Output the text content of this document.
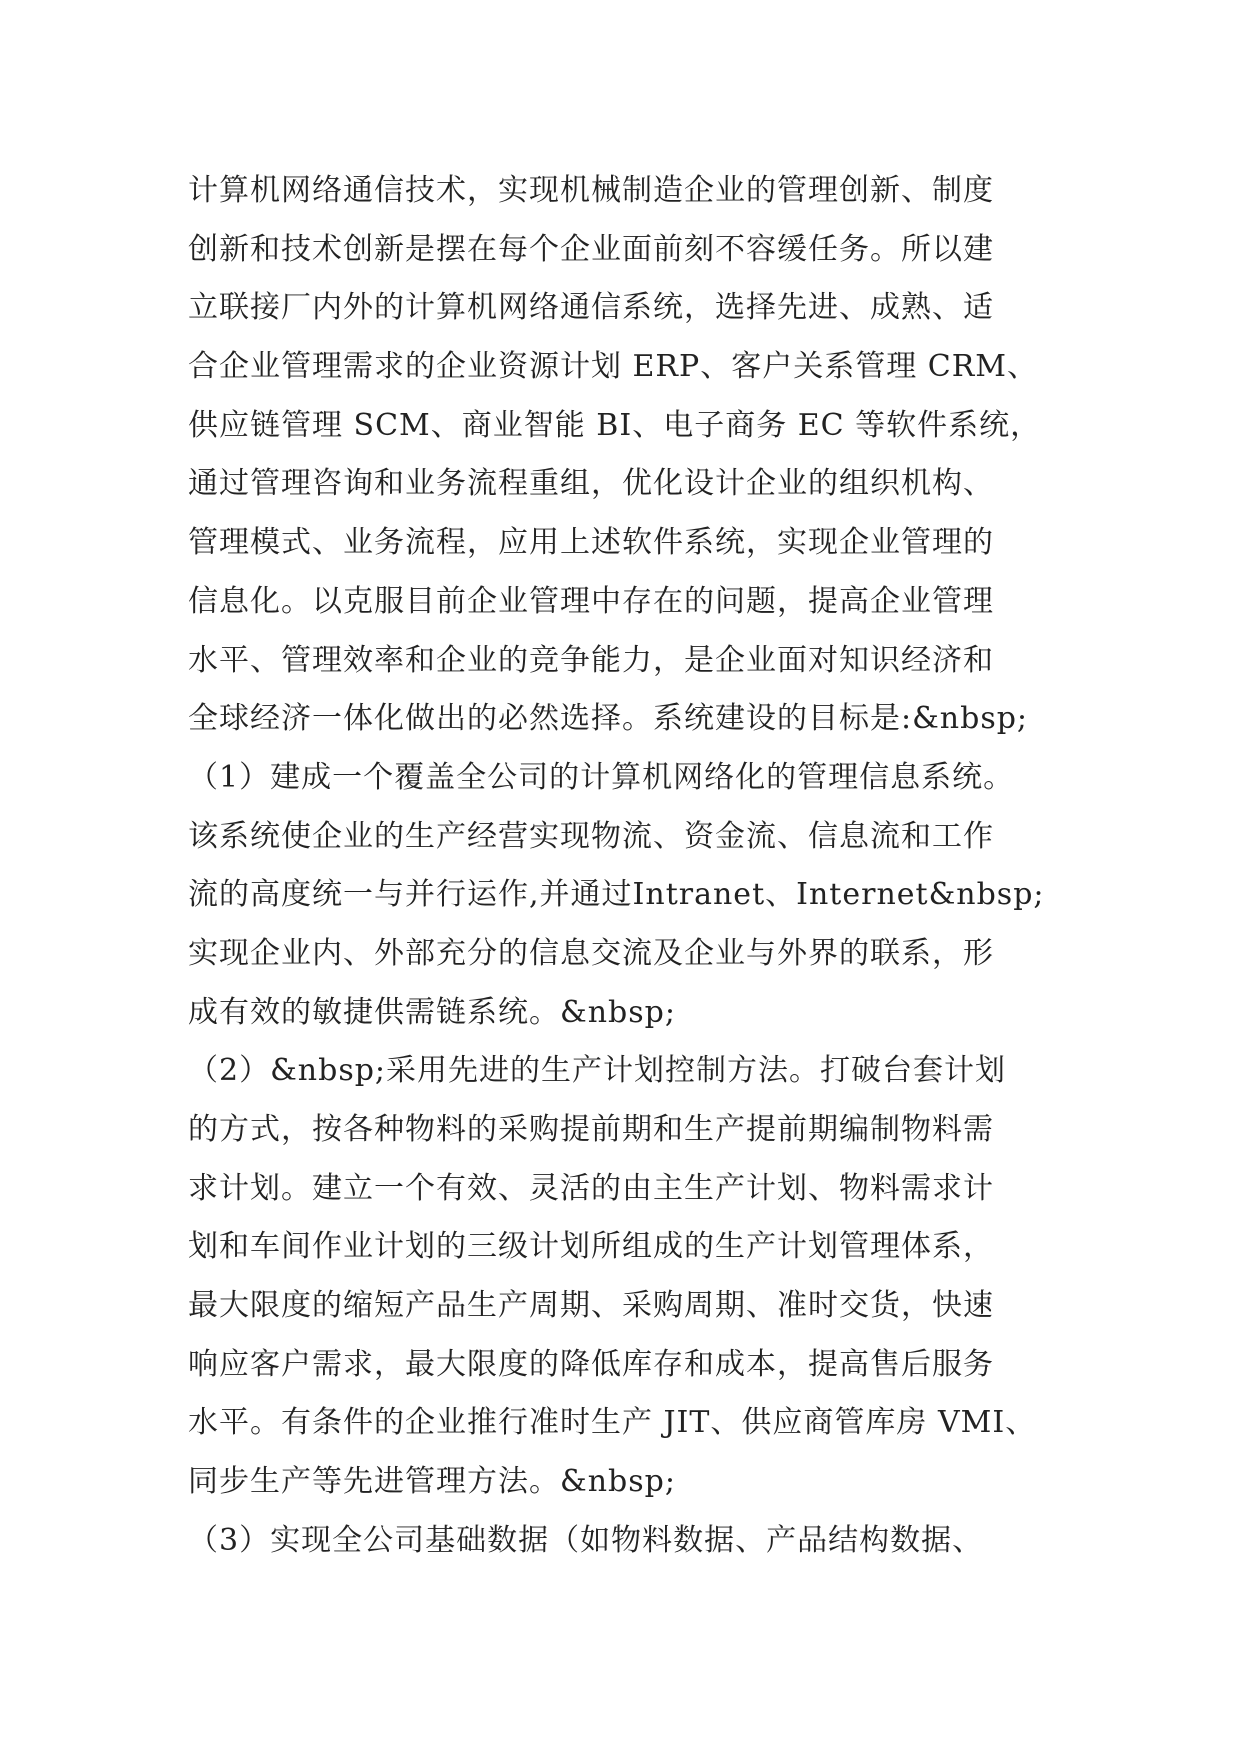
计算机网络通信技术，实现机械制造企业的管理创新、制度
创新和技术创新是摆在每个企业面前刻不容缓任务。所以建
立联接厂内外的计算机网络通信系统，选择先进、成熟、适
合企业管理需求的企业资源计划 ERP、客户关系管理 CRM、
供应链管理 SCM、商业智能 BI、电子商务 EC 等软件系统，
通过管理咨询和业务流程重组，优化设计企业的组织机构、
管理模式、业务流程，应用上述软件系统，实现企业管理的
信息化。以克服目前企业管理中存在的问题，提高企业管理
水平、管理效率和企业的竞争能力，是企业面对知识经济和
全球经济一体化做出的必然选择。系统建设的目标是:&nbsp;
（1）建成一个覆盖全公司的计算机网络化的管理信息系统。
该系统使企业的生产经营实现物流、资金流、信息流和工作
流的高度统一与并行运作,并通过Intranet、Internet&nbsp;
实现企业内、外部充分的信息交流及企业与外界的联系，形
成有效的敏捷供需链系统。&nbsp;
（2）&nbsp;采用先进的生产计划控制方法。打破台套计划
的方式，按各种物料的采购提前期和生产提前期编制物料需
求计划。建立一个有效、灵活的由主生产计划、物料需求计
划和车间作业计划的三级计划所组成的生产计划管理体系，
最大限度的缩短产品生产周期、采购周期、准时交货，快速
响应客户需求，最大限度的降低库存和成本，提高售后服务
水平。有条件的企业推行准时生产 JIT、供应商管库房 VMI、
同步生产等先进管理方法。&nbsp;
（3）实现全公司基础数据（如物料数据、产品结构数据、
